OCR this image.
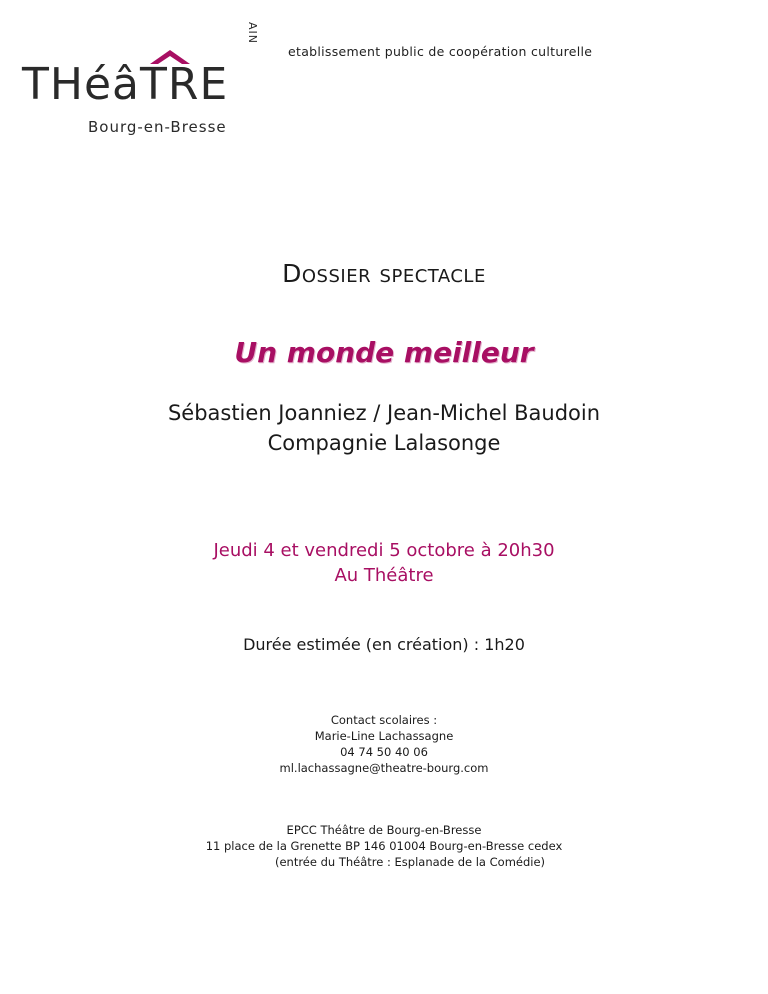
THéâTRE
Bourg-en-Bresse
AIN
etablissement public de coopération culturelle
Dossier spectacle
Un monde meilleur
Sébastien Joanniez / Jean-Michel Baudoin
Compagnie Lalasonge
Jeudi 4 et vendredi 5 octobre à 20h30
Au Théâtre
Durée estimée (en création) : 1h20
Contact scolaires :
Marie-Line Lachassagne
04 74 50 40 06
ml.lachassagne@theatre-bourg.com
EPCC Théâtre de Bourg-en-Bresse
11 place de la Grenette BP 146 01004 Bourg-en-Bresse cedex
(entrée du Théâtre : Esplanade de la Comédie)
